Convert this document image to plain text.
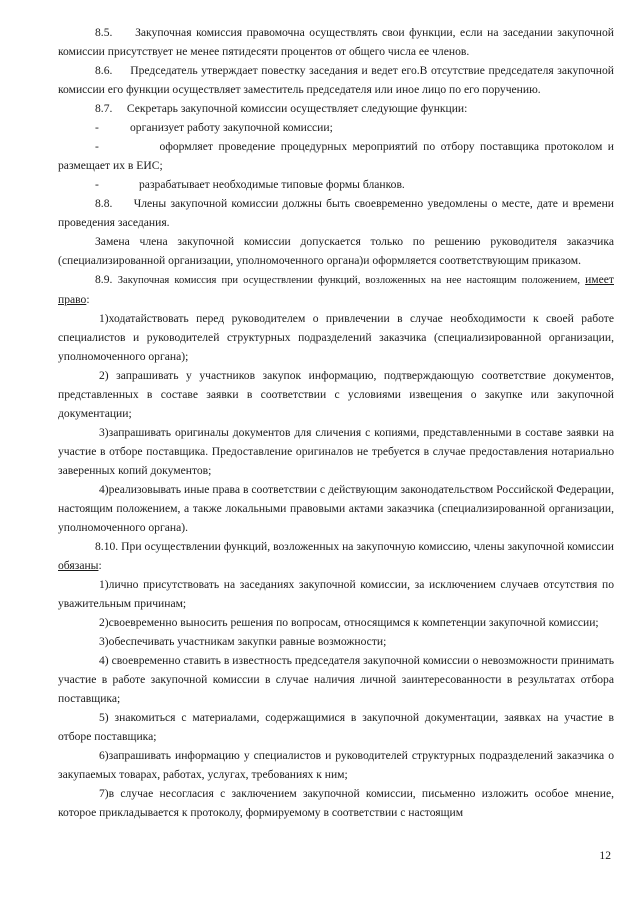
8.5. Закупочная комиссия правомочна осуществлять свои функции, если на заседании закупочной комиссии присутствует не менее пятидесяти процентов от общего числа ее членов.

8.6. Председатель утверждает повестку заседания и ведет его.В отсутствие председателя закупочной комиссии его функции осуществляет заместитель председателя или иное лицо по его поручению.

8.7. Секретарь закупочной комиссии осуществляет следующие функции:

-	организует работу закупочной комиссии;

-	оформляет проведение процедурных мероприятий по отбору поставщика протоколом и размещает их в ЕИС;

-	разрабатывает необходимые типовые формы бланков.

8.8. Члены закупочной комиссии должны быть своевременно уведомлены о месте, дате и времени проведения заседания.

Замена члена закупочной комиссии допускается только по решению руководителя заказчика (специализированной организации, уполномоченного органа)и оформляется соответствующим приказом.

8.9. Закупочная комиссия при осуществлении функций, возложенных на нее настоящим положением, имеет право:

1)ходатайствовать перед руководителем о привлечении в случае необходимости к своей работе специалистов и руководителей структурных подразделений заказчика (специализированной организации, уполномоченного органа);

2) запрашивать у участников закупок информацию, подтверждающую соответствие документов, представленных в составе заявки в соответствии с условиями извещения о закупке или закупочной документации;

3)запрашивать оригиналы документов для сличения с копиями, представленными в составе заявки на участие в отборе поставщика. Предоставление оригиналов не требуется в случае предоставления нотариально заверенных копий документов;

4)реализовывать иные права в соответствии с действующим законодательством Российской Федерации, настоящим положением, а также локальными правовыми актами заказчика (специализированной организации, уполномоченного органа).

8.10. При осуществлении функций, возложенных на закупочную комиссию, члены закупочной комиссии обязаны:

1)лично присутствовать на заседаниях закупочной комиссии, за исключением случаев отсутствия по уважительным причинам;

2)своевременно выносить решения по вопросам, относящимся к компетенции закупочной комиссии;

3)обеспечивать участникам закупки равные возможности;

4) своевременно ставить в известность председателя закупочной комиссии о невозможности принимать участие в работе закупочной комиссии в случае наличия личной заинтересованности в результатах отбора поставщика;

5) знакомиться с материалами, содержащимися в закупочной документации, заявках на участие в отборе поставщика;

6)запрашивать информацию у специалистов и руководителей структурных подразделений заказчика о закупаемых товарах, работах, услугах, требованиях к ним;

7)в случае несогласия с заключением закупочной комиссии, письменно изложить особое мнение, которое прикладывается к протоколу, формируемому в соответствии с настоящим

12
